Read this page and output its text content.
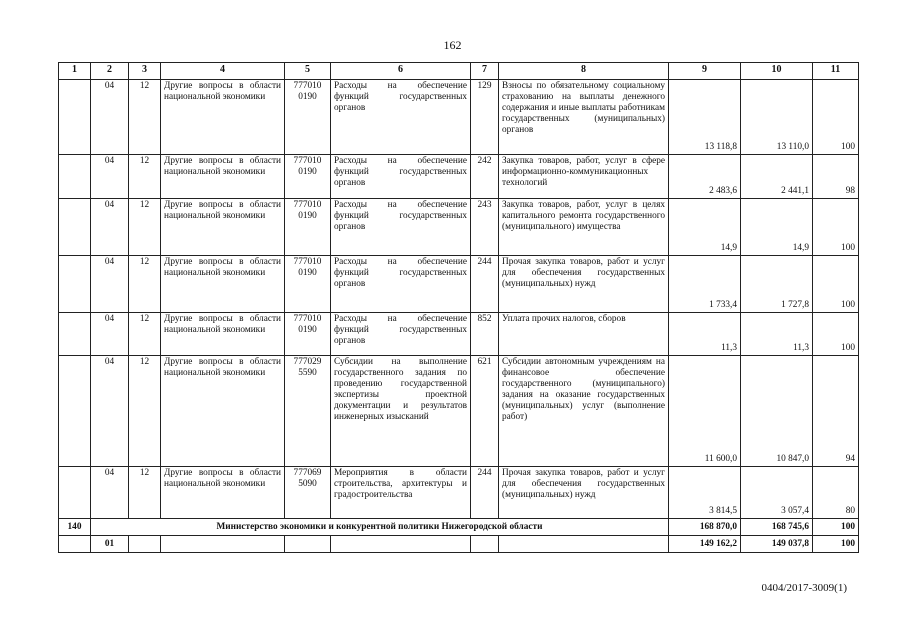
162
1	2	3	4	5	6	7	8	9	10	11
	04	12	Другие вопросы в области национальной экономики	777010 0190	Расходы на обеспечение функций государственных органов	129	Взносы по обязательному социальному страхованию на выплаты денежного содержания и иные выплаты работникам государственных (муниципальных) органов	13 118,8	13 110,0	100
	04	12	Другие вопросы в области национальной экономики	777010 0190	Расходы на обеспечение функций государственных органов	242	Закупка товаров, работ, услуг в сфере информационно-коммуникационных технологий	2 483,6	2 441,1	98
	04	12	Другие вопросы в области национальной экономики	777010 0190	Расходы на обеспечение функций государственных органов	243	Закупка товаров, работ, услуг в целях капитального ремонта государственного (муниципального) имущества	14,9	14,9	100
	04	12	Другие вопросы в области национальной экономики	777010 0190	Расходы на обеспечение функций государственных органов	244	Прочая закупка товаров, работ и услуг для обеспечения государственных (муниципальных) нужд	1 733,4	1 727,8	100
	04	12	Другие вопросы в области национальной экономики	777010 0190	Расходы на обеспечение функций государственных органов	852	Уплата прочих налогов, сборов	11,3	11,3	100
	04	12	Другие вопросы в области национальной экономики	777029 5590	Субсидии на выполнение государственного задания по проведению государственной экспертизы проектной документации и результатов инженерных изысканий	621	Субсидии автономным учреждениям на финансовое обеспечение государственного (муниципального) задания на оказание государственных (муниципальных) услуг (выполнение работ)	11 600,0	10 847,0	94
	04	12	Другие вопросы в области национальной экономики	777069 5090	Мероприятия в области строительства, архитектуры и градостроительства	244	Прочая закупка товаров, работ и услуг для обеспечения государственных (муниципальных) нужд	3 814,5	3 057,4	80
140	Министерство экономики и конкурентной политики Нижегородской области							168 870,0	168 745,6	100
	01							149 162,2	149 037,8	100
0404/2017-3009(1)
